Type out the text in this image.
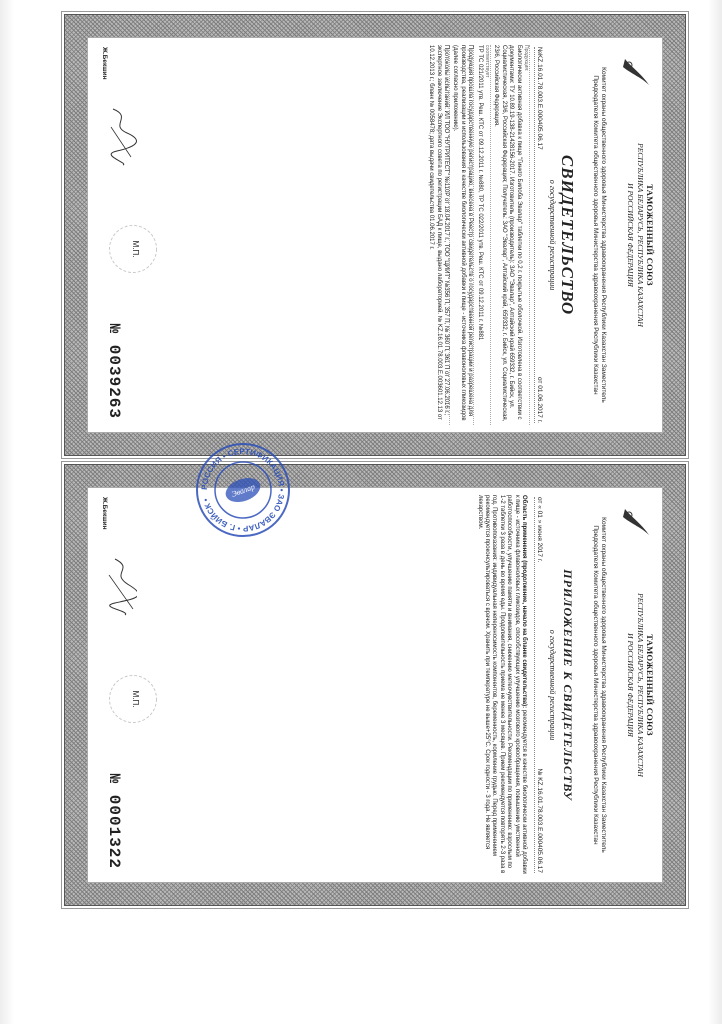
ТАМОЖЕННЫЙ СОЮЗ
РЕСПУБЛИКА БЕЛАРУСЬ, РЕСПУБЛИКА КАЗАХСТАН
И РОССИЙСКАЯ ФЕДЕРАЦИЯ
Комитет охраны общественного здоровья Министерства здравоохранения Республики Казахстан Заместитель Председателя Комитета общественного здоровья Министерства здравоохранения Республики Казахстан
СВИДЕТЕЛЬСТВО
о государственной регистрации
№KZ.16.01.78.003.E.000405.06.17
от 01.06.2017 г.
Продукция:
Биологически активная добавка к пище "Гинкго Билоба Эвалар" таблетки по 0,2 г. покрытые оболочкой. Изготовлена в соответствии с документами: ТУ 10.89.19-138-21428156-2017. Изготовитель (производитель): ЗАО "Эвалар", Алтайский край 659332, г. Бийск, ул. Социалистическая, 23/6, Российская Федерация; Получатель: ЗАО "Эвалар", Алтайский край, 659332, г. Бийск, ул. Социалистическая, 23/6, Российская Федерация.
соответствует
ТР ТС 021/2011 утв. Реш. КТС от 09.12.2011 г. №880, ТР ТС 022/2011 утв. Реш. КТС от 09.12.2011 г. №881
Продукция прошла государственную регистрацию, внесена в Реестр свидетельств о государственной регистрации и разрешена для производства, реализации и использования в качестве биологически активной добавки к пище - источника флавоноловых гликозидов (далее согласно приложению).
Протоколы испытаний: ИЛ ТОО "НУТРИТЕСТ" №110Р от 18.04.2017 г., ТОО "ЦИИТ" №356 П, 357 П, № 360 П, 361 П от 27.06.2016 г.; экспертное заключение Экспертного совета по регистрации БАД к пище, выдано лабораторией. № KZ.16.01.78.003.E.003601.12.13 от 10.12.2013 г.; бланк № 0058478; дата выдачи свидетельства 01.06.2017 г.
Ж.Бекшин
М.П.
№ 0039263
ТАМОЖЕННЫЙ СОЮЗ
РЕСПУБЛИКА БЕЛАРУСЬ, РЕСПУБЛИКА КАЗАХСТАН
И РОССИЙСКАЯ ФЕДЕРАЦИЯ
Комитет охраны общественного здоровья Министерства здравоохранения Республики Казахстан Заместитель Председателя Комитета общественного здоровья Министерства здравоохранения Республики Казахстан
ПРИЛОЖЕНИЕ К СВИДЕТЕЛЬСТВУ
о государственной регистрации
от « 01 » июня 2017 г.
№ KZ.16.01.78.003.E.000405.06.17
Область применения (продолжение, начало на бланке свидетельства): рекомендуется в качестве биологически активной добавки к пище - источника флавоноловых гликозидов, способствующих улучшению мозгового кровообращения, повышению умственной работоспособности, улучшению памяти и внимания, снижению метеочувствительности. Рекомендации по применению: взрослым по 1-2 таблетки 3 раза в день во время еды. Продолжительность приема не менее 3 месяцев. Прием рекомендуется повторять 2-3 раза в год. Противопоказания: индивидуальная непереносимость компонентов, беременность, кормление грудью. Перед применением рекомендуется проконсультироваться с врачом. Хранить при температуре не выше+25°С. Срок годности - 3 года. Не является лекарством.
Ж.Бекшин
М.П.
№ 0001322
РОССИЯ • СЕРТИФИКАЦИЯ • ЗАО ЭВАЛАР • Г. БИЙСК •
Эвалар
